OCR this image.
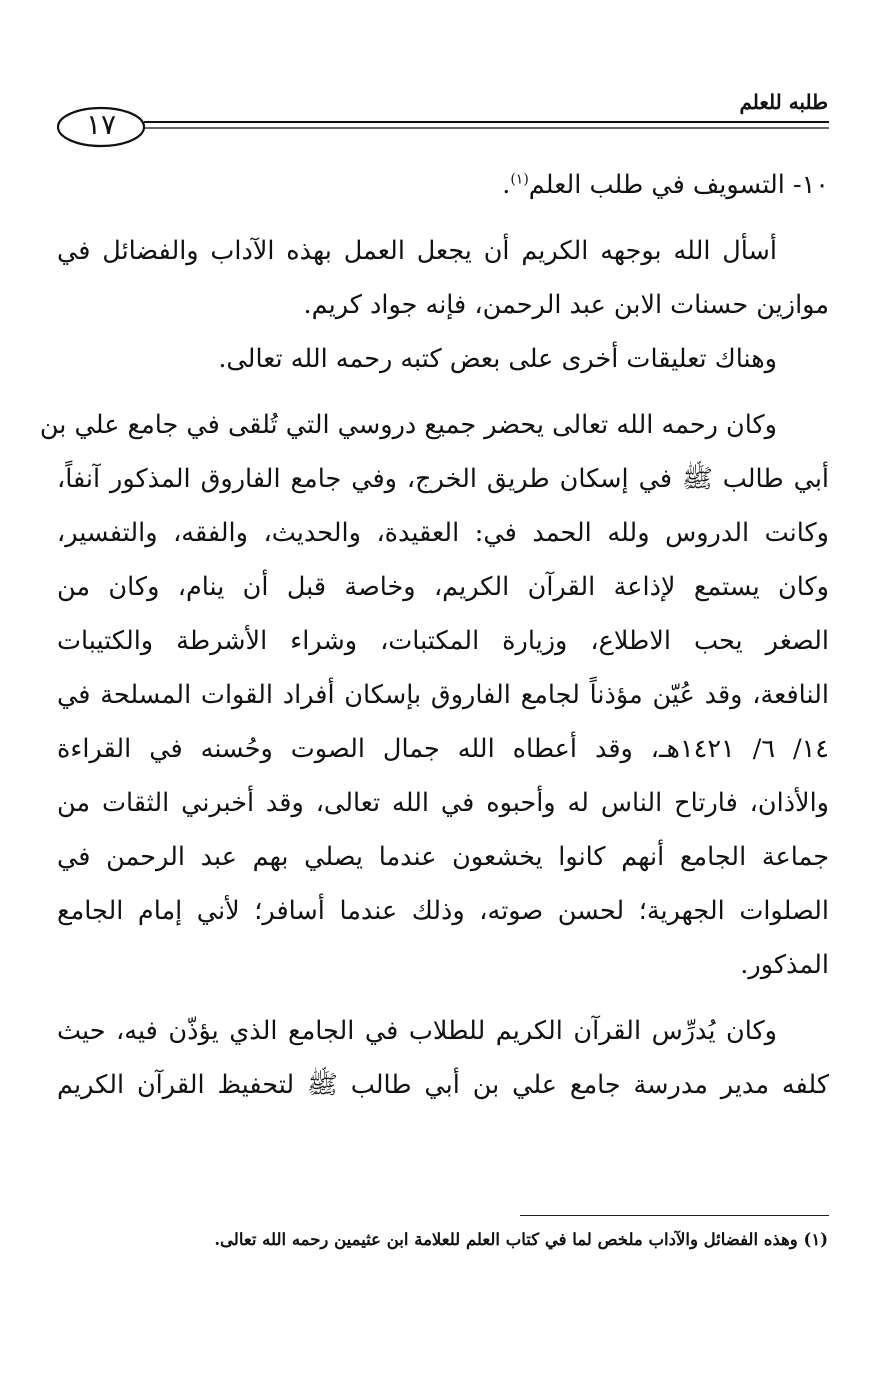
طلبه للعلم
١٧
١٠- التسويف في طلب العلم$^{(١)}$.
أسأل الله بوجهه الكريم أن يجعل العمل بهذه الآداب والفضائل في
موازين حسنات الابن عبد الرحمن، فإنه جواد كريم.
وهناك تعليقات أخرى على بعض كتبه رحمه الله تعالى.
وكان رحمه الله تعالى يحضر جميع دروسي التي تُلقى في جامع علي بن
أبي طالب ﷺ في إسكان طريق الخرج، وفي جامع الفاروق المذكور آنفاً،
وكانت الدروس ولله الحمد في: العقيدة، والحديث، والفقه، والتفسير،
وكان يستمع لإذاعة القرآن الكريم، وخاصة قبل أن ينام، وكان من
الصغر يحب الاطلاع، وزيارة المكتبات، وشراء الأشرطة والكتيبات
النافعة، وقد عُيّن مؤذناً لجامع الفاروق بإسكان أفراد القوات المسلحة في
١٤/ ٦/ ١٤٢١هـ، وقد أعطاه الله جمال الصوت وحُسنه في القراءة
والأذان، فارتاح الناس له وأحبوه في الله تعالى، وقد أخبرني الثقات من
جماعة الجامع أنهم كانوا يخشعون عندما يصلي بهم عبد الرحمن في
الصلوات الجهرية؛ لحسن صوته، وذلك عندما أسافر؛ لأني إمام الجامع
المذكور.
وكان يُدرِّس القرآن الكريم للطلاب في الجامع الذي يؤذّن فيه، حيث
كلفه مدير مدرسة جامع علي بن أبي طالب ﷺ لتحفيظ القرآن الكريم
(١) وهذه الفضائل والآداب ملخص لما في كتاب العلم للعلامة ابن عثيمين رحمه الله تعالى.
